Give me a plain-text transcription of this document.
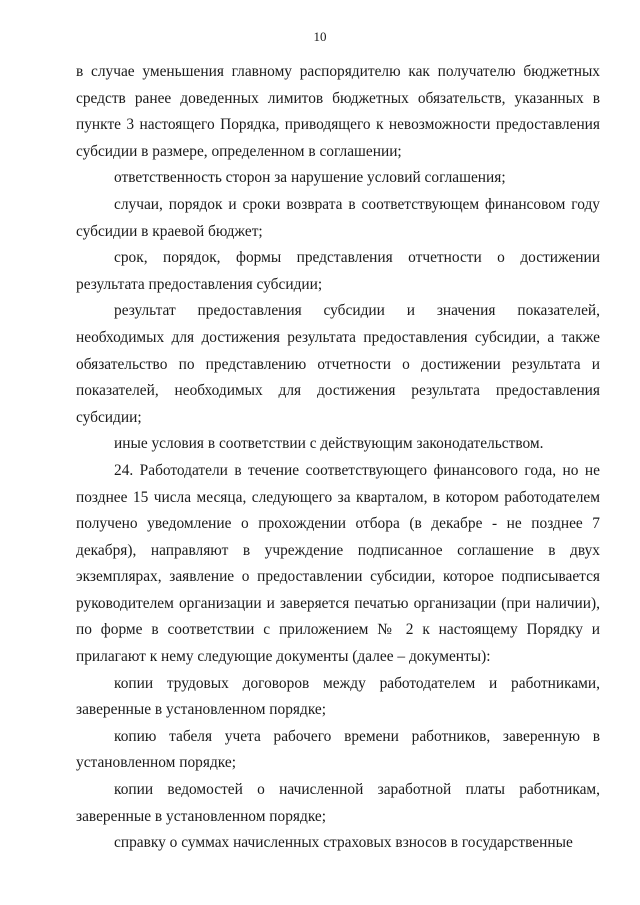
10

в случае уменьшения главному распорядителю как получателю бюджетных средств ранее доведенных лимитов бюджетных обязательств, указанных в пункте 3 настоящего Порядка, приводящего к невозможности предоставления субсидии в размере, определенном в соглашении;

ответственность сторон за нарушение условий соглашения;

случаи, порядок и сроки возврата в соответствующем финансовом году субсидии в краевой бюджет;

срок, порядок, формы представления отчетности о достижении результата предоставления субсидии;

результат предоставления субсидии и значения показателей, необходимых для достижения результата предоставления субсидии, а также обязательство по представлению отчетности о достижении результата и показателей, необходимых для достижения результата предоставления субсидии;

иные условия в соответствии с действующим законодательством.

24. Работодатели в течение соответствующего финансового года, но не позднее 15 числа месяца, следующего за кварталом, в котором работодателем получено уведомление о прохождении отбора (в декабре - не позднее 7 декабря), направляют в учреждение подписанное соглашение в двух экземплярах, заявление о предоставлении субсидии, которое подписывается руководителем организации и заверяется печатью организации (при наличии), по форме в соответствии с приложением № 2 к настоящему Порядку и прилагают к нему следующие документы (далее – документы):

копии трудовых договоров между работодателем и работниками, заверенные в установленном порядке;

копию табеля учета рабочего времени работников, заверенную в установленном порядке;

копии ведомостей о начисленной заработной платы работникам, заверенные в установленном порядке;

справку о суммах начисленных страховых взносов в государственные
